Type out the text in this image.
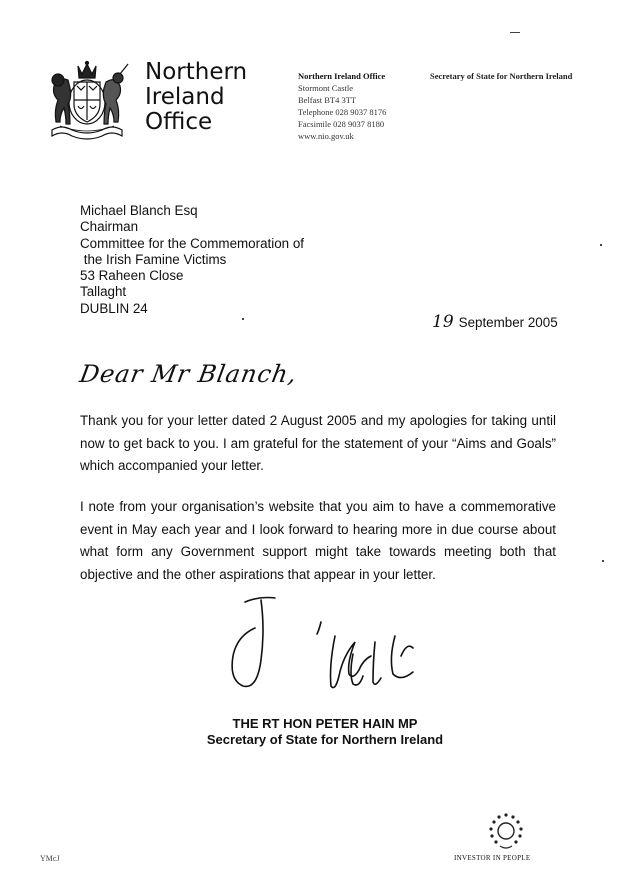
Northern
Ireland
Office
Northern Ireland Office
Stormont Castle
Belfast BT4 3TT
Telephone 028 9037 8176
Facsimile 028 9037 8180
www.nio.gov.uk
Secretary of State for Northern Ireland
Michael Blanch Esq
Chairman
Committee for the Commemoration of
the Irish Famine Victims
53 Raheen Close
Tallaght
DUBLIN 24
19 September 2005
Dear Mr Blanch,
Thank you for your letter dated 2 August 2005 and my apologies for taking until now to get back to you. I am grateful for the statement of your “Aims and Goals” which accompanied your letter.
I note from your organisation’s website that you aim to have a commemorative event in May each year and I look forward to hearing more in due course about what form any Government support might take towards meeting both that objective and the other aspirations that appear in your letter.
THE RT HON PETER HAIN MP
Secretary of State for Northern Ireland
YMcJ	INVESTOR IN PEOPLE
